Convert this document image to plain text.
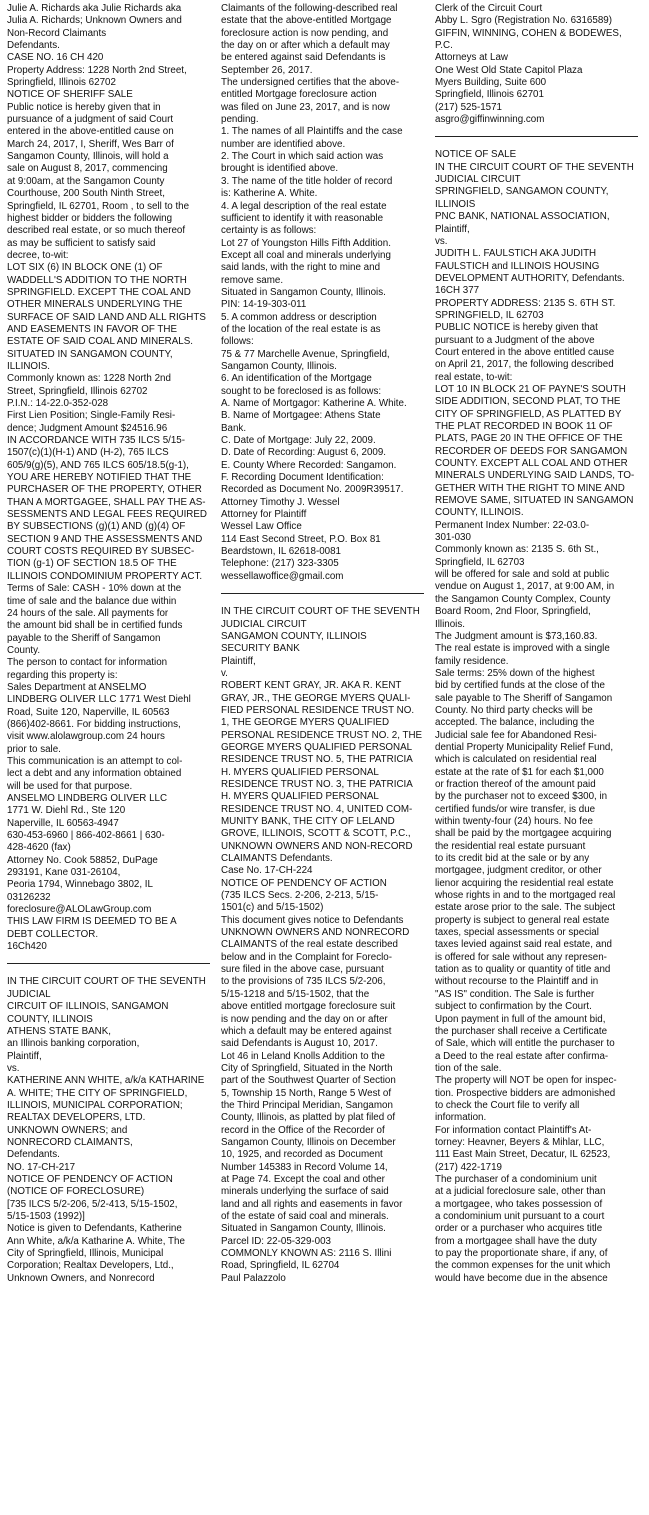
Julie A. Richards aka Julie Richards aka

Julia A. Richards; Unknown Owners and

Non-Record Claimants

Defendants.

CASE NO. 16 CH 420

Property Address: 1228 North 2nd Street,

Springfield, Illinois 62702

NOTICE OF SHERIFF SALE

Public notice is hereby given that in

pursuance of a judgment of said Court

entered in the above-entitled cause on

March 24, 2017, I, Sheriff, Wes Barr of

Sangamon County, Illinois, will hold a

sale on August 8, 2017, commencing

at 9:00am, at the Sangamon County

Courthouse, 200 South Ninth Street,

Springfield, IL 62701, Room , to sell to the

highest bidder or bidders the following

described real estate, or so much thereof

as may be sufficient to satisfy said

decree, to-wit:

LOT SIX (6) IN BLOCK ONE (1) OF

WADDELL'S ADDITION TO THE NORTH

SPRINGFIELD. EXCEPT THE COAL AND

OTHER MINERALS UNDERLYING THE

SURFACE OF SAID LAND AND ALL RIGHTS

AND EASEMENTS IN FAVOR OF THE

ESTATE OF SAID COAL AND MINERALS.

SITUATED IN SANGAMON COUNTY,

ILLINOIS.

Commonly known as: 1228 North 2nd

Street, Springfield, Illinois 62702

P.I.N.: 14-22.0-352-028

First Lien Position; Single-Family Resi-

dence; Judgment Amount $24516.96

IN ACCORDANCE WITH 735 ILCS 5/15-

1507(c)(1)(H-1) AND (H-2), 765 ILCS

605/9(g)(5), AND 765 ILCS 605/18.5(g-1),

YOU ARE HEREBY NOTIFIED THAT THE

PURCHASER OF THE PROPERTY, OTHER

THAN A MORTGAGEE, SHALL PAY THE AS-

SESSMENTS AND LEGAL FEES REQUIRED

BY SUBSECTIONS (g)(1) AND (g)(4) OF

SECTION 9 AND THE ASSESSMENTS AND

COURT COSTS REQUIRED BY SUBSEC-

TION (g-1) OF SECTION 18.5 OF THE

ILLINOIS CONDOMINIUM PROPERTY ACT.

Terms of Sale: CASH - 10% down at the

time of sale and the balance due within

24 hours of the sale. All payments for

the amount bid shall be in certified funds

payable to the Sheriff of Sangamon

County.

The person to contact for information

regarding this property is:

Sales Department at ANSELMO

LINDBERG OLIVER LLC 1771 West Diehl

Road, Suite 120, Naperville, IL 60563

(866)402-8661. For bidding instructions,

visit www.alolawgroup.com 24 hours

prior to sale.

This communication is an attempt to col-

lect a debt and any information obtained

will be used for that purpose.

ANSELMO LINDBERG OLIVER LLC

1771 W. Diehl Rd., Ste 120

Naperville, IL 60563-4947

630-453-6960 | 866-402-8661 | 630-

428-4620 (fax)

Attorney No. Cook 58852, DuPage

293191, Kane 031-26104,

Peoria 1794, Winnebago 3802, IL

03126232

foreclosure@ALOLawGroup.com

THIS LAW FIRM IS DEEMED TO BE A

DEBT COLLECTOR.

16Ch420

IN THE CIRCUIT COURT OF THE SEVENTH

JUDICIAL

CIRCUIT OF ILLINOIS, SANGAMON

COUNTY, ILLINOIS

ATHENS STATE BANK,

an Illinois banking corporation,

Plaintiff,

vs.

KATHERINE ANN WHITE, a/k/a KATHARINE

A. WHITE; THE CITY OF SPRINGFIELD,

ILLINOIS, MUNICIPAL CORPORATION;

REALTAX DEVELOPERS, LTD.

UNKNOWN OWNERS; and

NONRECORD CLAIMANTS,

Defendants.

NO. 17-CH-217

NOTICE OF PENDENCY OF ACTION

(NOTICE OF FORECLOSURE)

[735 ILCS 5/2-206, 5/2-413, 5/15-1502,

5/15-1503 (1992)]

Notice is given to Defendants, Katherine

Ann White, a/k/a Katharine A. White, The

City of Springfield, Illinois, Municipal

Corporation; Realtax Developers, Ltd.,

Unknown Owners, and Nonrecord

Claimants of the following-described real

estate that the above-entitled Mortgage

foreclosure action is now pending, and

the day on or after which a default may

be entered against said Defendants is

September 26, 2017.

The undersigned certifies that the above-

entitled Mortgage foreclosure action

was filed on June 23, 2017, and is now

pending.

1. The names of all Plaintiffs and the case

number are identified above.

2. The Court in which said action was

brought is identified above.

3. The name of the title holder of record

is: Katherine A. White.

4. A legal description of the real estate

sufficient to identify it with reasonable

certainty is as follows:

Lot 27 of Youngston Hills Fifth Addition.

Except all coal and minerals underlying

said lands, with the right to mine and

remove same.

Situated in Sangamon County, Illinois.

PIN: 14-19-303-011

5. A common address or description

of the location of the real estate is as

follows:

75 & 77 Marchelle Avenue, Springfield,

Sangamon County, Illinois.

6. An identification of the Mortgage

sought to be foreclosed is as follows:

A. Name of Mortgagor: Katherine A. White.

B. Name of Mortgagee: Athens State

Bank.

C. Date of Mortgage: July 22, 2009.

D. Date of Recording: August 6, 2009.

E. County Where Recorded: Sangamon.

F. Recording Document Identification:

Recorded as Document No. 2009R39517.

Attorney Timothy J. Wessel

Attorney for Plaintiff

Wessel Law Office

114 East Second Street, P.O. Box 81

Beardstown, IL 62618-0081

Telephone: (217) 323-3305

wessellawoffice@gmail.com

IN THE CIRCUIT COURT OF THE SEVENTH

JUDICIAL CIRCUIT

SANGAMON COUNTY, ILLINOIS

SECURITY BANK

Plaintiff,

v.

ROBERT KENT GRAY, JR. AKA R. KENT

GRAY, JR., THE GEORGE MYERS QUALI-

FIED PERSONAL RESIDENCE TRUST NO.

1, THE GEORGE MYERS QUALIFIED

PERSONAL RESIDENCE TRUST NO. 2, THE

GEORGE MYERS QUALIFIED PERSONAL

RESIDENCE TRUST NO. 5, THE PATRICIA

H. MYERS QUALIFIED PERSONAL

RESIDENCE TRUST NO. 3, THE PATRICIA

H. MYERS QUALIFIED PERSONAL

RESIDENCE TRUST NO. 4, UNITED COM-

MUNITY BANK, THE CITY OF LELAND

GROVE, ILLINOIS, SCOTT & SCOTT, P.C.,

UNKNOWN OWNERS AND NON-RECORD

CLAIMANTS Defendants.

Case No. 17-CH-224

NOTICE OF PENDENCY OF ACTION

(735 ILCS Secs. 2-206, 2-213, 5/15-

1501(c) and 5/15-1502)

This document gives notice to Defendants

UNKNOWN OWNERS AND NONRECORD

CLAIMANTS of the real estate described

below and in the Complaint for Foreclo-

sure filed in the above case, pursuant

to the provisions of 735 ILCS 5/2-206,

5/15-1218 and 5/15-1502, that the

above entitled mortgage foreclosure suit

is now pending and the day on or after

which a default may be entered against

said Defendants is August 10, 2017.

Lot 46 in Leland Knolls Addition to the

City of Springfield, Situated in the North

part of the Southwest Quarter of Section

5, Township 15 North, Range 5 West of

the Third Principal Meridian, Sangamon

County, Illinois, as platted by plat filed of

record in the Office of the Recorder of

Sangamon County, Illinois on December

10, 1925, and recorded as Document

Number 145383 in Record Volume 14,

at Page 74. Except the coal and other

minerals underlying the surface of said

land and all rights and easements in favor

of the estate of said coal and minerals.

Situated in Sangamon County, Illinois.

Parcel ID: 22-05-329-003

COMMONLY KNOWN AS: 2116 S. Illini

Road, Springfield, IL 62704

Paul Palazzolo

Clerk of the Circuit Court

Abby L. Sgro (Registration No. 6316589)

GIFFIN, WINNING, COHEN & BODEWES,

P.C.

Attorneys at Law

One West Old State Capitol Plaza

Myers Building, Suite 600

Springfield, Illinois 62701

(217) 525-1571

asgro@giffinwinning.com

NOTICE OF SALE

IN THE CIRCUIT COURT OF THE SEVENTH

JUDICIAL CIRCUIT

SPRINGFIELD, SANGAMON COUNTY,

ILLINOIS

PNC BANK, NATIONAL ASSOCIATION,

Plaintiff,

vs.

JUDITH L. FAULSTICH AKA JUDITH

FAULSTICH and ILLINOIS HOUSING

DEVELOPMENT AUTHORITY, Defendants.

16CH 377

PROPERTY ADDRESS: 2135 S. 6TH ST.

SPRINGFIELD, IL 62703

PUBLIC NOTICE is hereby given that

pursuant to a Judgment of the above

Court entered in the above entitled cause

on April 21, 2017, the following described

real estate, to-wit:

LOT 10 IN BLOCK 21 OF PAYNE'S SOUTH

SIDE ADDITION, SECOND PLAT, TO THE

CITY OF SPRINGFIELD, AS PLATTED BY

THE PLAT RECORDED IN BOOK 11 OF

PLATS, PAGE 20 IN THE OFFICE OF THE

RECORDER OF DEEDS FOR SANGAMON

COUNTY. EXCEPT ALL COAL AND OTHER

MINERALS UNDERLYING SAID LANDS, TO-

GETHER WITH THE RIGHT TO MINE AND

REMOVE SAME, SITUATED IN SANGAMON

COUNTY, ILLINOIS.

Permanent Index Number: 22-03.0-

301-030

Commonly known as: 2135 S. 6th St.,

Springfield, IL 62703

will be offered for sale and sold at public

vendue on August 1, 2017, at 9:00 AM, in

the Sangamon County Complex, County

Board Room, 2nd Floor, Springfield,

Illinois.

The Judgment amount is $73,160.83.

The real estate is improved with a single

family residence.

Sale terms: 25% down of the highest

bid by certified funds at the close of the

sale payable to The Sheriff of Sangamon

County. No third party checks will be

accepted. The balance, including the

Judicial sale fee for Abandoned Resi-

dential Property Municipality Relief Fund,

which is calculated on residential real

estate at the rate of $1 for each $1,000

or fraction thereof of the amount paid

by the purchaser not to exceed $300, in

certified funds/or wire transfer, is due

within twenty-four (24) hours. No fee

shall be paid by the mortgagee acquiring

the residential real estate pursuant

to its credit bid at the sale or by any

mortgagee, judgment creditor, or other

lienor acquiring the residential real estate

whose rights in and to the mortgaged real

estate arose prior to the sale. The subject

property is subject to general real estate

taxes, special assessments or special

taxes levied against said real estate, and

is offered for sale without any represen-

tation as to quality or quantity of title and

without recourse to the Plaintiff and in

"AS IS" condition. The Sale is further

subject to confirmation by the Court.

Upon payment in full of the amount bid,

the purchaser shall receive a Certificate

of Sale, which will entitle the purchaser to

a Deed to the real estate after confirma-

tion of the sale.

The property will NOT be open for inspec-

tion. Prospective bidders are admonished

to check the Court file to verify all

information.

For information contact Plaintiff's At-

torney: Heavner, Beyers & Mihlar, LLC,

111 East Main Street, Decatur, IL 62523,

(217) 422-1719

The purchaser of a condominium unit

at a judicial foreclosure sale, other than

a mortgagee, who takes possession of

a condominium unit pursuant to a court

order or a purchaser who acquires title

from a mortgagee shall have the duty

to pay the proportionate share, if any, of

the common expenses for the unit which

would have become due in the absence
